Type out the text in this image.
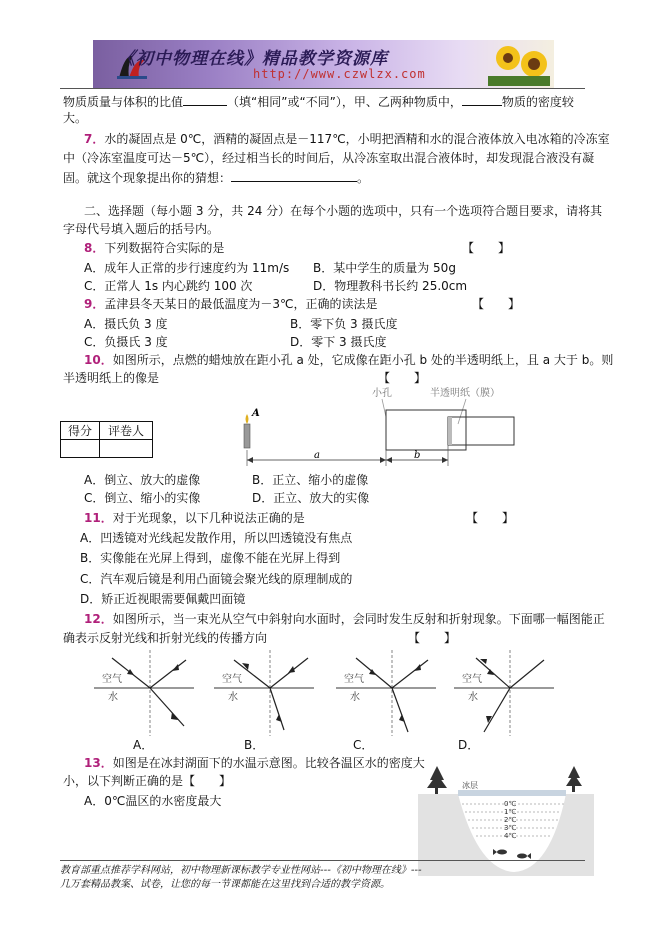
《初中物理在线》精品教学资源库
http://www.czwlzx.com
物质质量与体积的比值	（填“相同”或“不同”），甲、乙两种物质中，	物质的密度较
大。
7．水的凝固点是 0℃，酒精的凝固点是－117℃，小明把酒精和水的混合液体放入电冰箱的冷冻室
中（冷冻室温度可达－5℃），经过相当长的时间后，从冷冻室取出混合液体时，却发现混合液没有凝
固。就这个现象提出你的猜想：	。
二、选择题（每小题 3 分，共 24 分）在每个小题的选项中，只有一个选项符合题目要求，请将其
字母代号填入题后的括号内。
8．下列数据符合实际的是	【　　】
A．成年人正常的步行速度约为 11m/s B．某中学生的质量为 50g
C．正常人 1s 内心跳约 100 次	D．物理教科书长约 25.0cm
9．孟津县冬天某日的最低温度为－3℃，正确的读法是	【　　】
A．摄氏负 3 度	B．零下负 3 摄氏度
C．负摄氏 3 度	D．零下 3 摄氏度
10．如图所示，点燃的蜡烛放在距小孔 a 处，它成像在距小孔 b 处的半透明纸上，且 a 大于 b。则
半透明纸上的像是	【　　】
小孔	半透明纸（膜）
A
a	b
得分	评卷人

A．倒立、放大的虚像	B．正立、缩小的虚像
C．倒立、缩小的实像	D．正立、放大的实像
11．对于光现象，以下几种说法正确的是	【　　】
A．凹透镜对光线起发散作用，所以凹透镜没有焦点
B．实像能在光屏上得到，虚像不能在光屏上得到
C．汽车观后镜是利用凸面镜会聚光线的原理制成的
D．矫正近视眼需要佩戴凹面镜
12．如图所示，当一束光从空气中斜射向水面时，会同时发生反射和折射现象。下面哪一幅图能正
确表示反射光线和折射光线的传播方向	【　　】
空气
水
空气
水
空气
水
空气
水
A．	B．	C．	D．
13．如图是在冰封湖面下的水温示意图。比较各温区水的密度大
小，以下判断正确的是【　　】
A．0℃温区的水密度最大
冰层
0℃
1℃
2℃
3℃
4℃
教育部重点推荐学科网站，初中物理新课标教学专业性网站---《初中物理在线》---
几万套精品教案、试卷，让您的每一节课都能在这里找到合适的教学资源。
